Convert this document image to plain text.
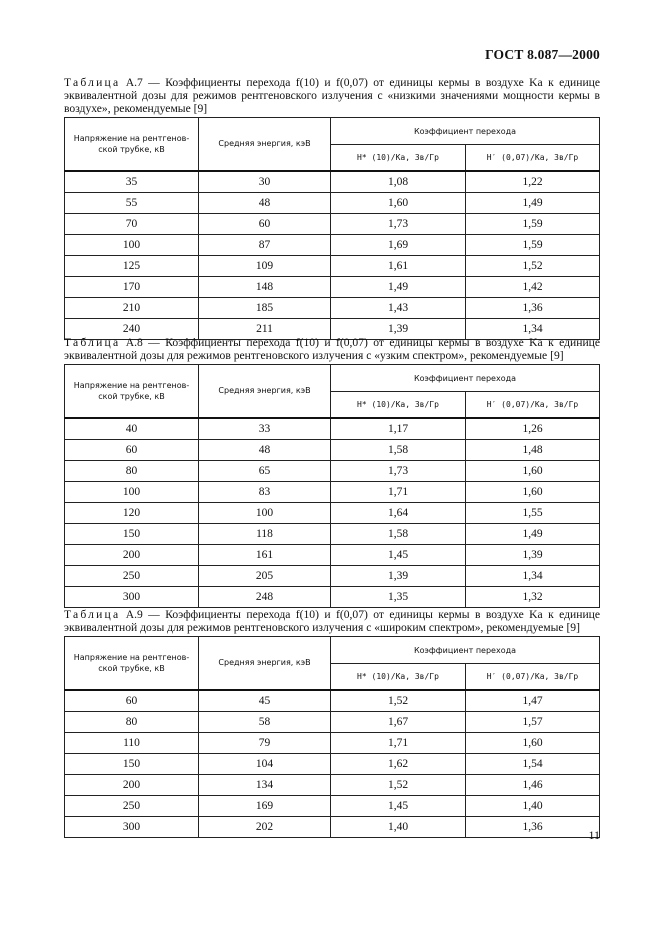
ГОСТ 8.087—2000
Таблица А.7 — Коэффициенты перехода f(10) и f(0,07) от единицы кермы в воздухе Ka к единице эквивалентной дозы для режимов рентгеновского излучения с «низкими значениями мощности кермы в воздухе», рекомендуемые [9]
Напряжение на рентгенов-ской трубке, кВ	Средняя энергия, кэВ	Коэффициент перехода	
		H* (10)/Ka, Зв/Гр	H′ (0,07)/Ka, Зв/Гр
35	30	1,08	1,22
55	48	1,60	1,49
70	60	1,73	1,59
100	87	1,69	1,59
125	109	1,61	1,52
170	148	1,49	1,42
210	185	1,43	1,36
240	211	1,39	1,34
Таблица А.8 — Коэффициенты перехода f(10) и f(0,07) от единицы кермы в воздухе Ka к единице эквивалентной дозы для режимов рентгеновского излучения с «узким спектром», рекомендуемые [9]
Напряжение на рентгенов-ской трубке, кВ	Средняя энергия, кэВ	Коэффициент перехода	
		H* (10)/Ka, Зв/Гр	H′ (0,07)/Ka, Зв/Гр
40	33	1,17	1,26
60	48	1,58	1,48
80	65	1,73	1,60
100	83	1,71	1,60
120	100	1,64	1,55
150	118	1,58	1,49
200	161	1,45	1,39
250	205	1,39	1,34
300	248	1,35	1,32
Таблица А.9 — Коэффициенты перехода f(10) и f(0,07) от единицы кермы в воздухе Ka к единице эквивалентной дозы для режимов рентгеновского излучения с «широким спектром», рекомендуемые [9]
Напряжение на рентгенов-ской трубке, кВ	Средняя энергия, кэВ	Коэффициент перехода	
		H* (10)/Ka, Зв/Гр	H′ (0,07)/Ka, Зв/Гр
60	45	1,52	1,47
80	58	1,67	1,57
110	79	1,71	1,60
150	104	1,62	1,54
200	134	1,52	1,46
250	169	1,45	1,40
300	202	1,40	1,36
11
